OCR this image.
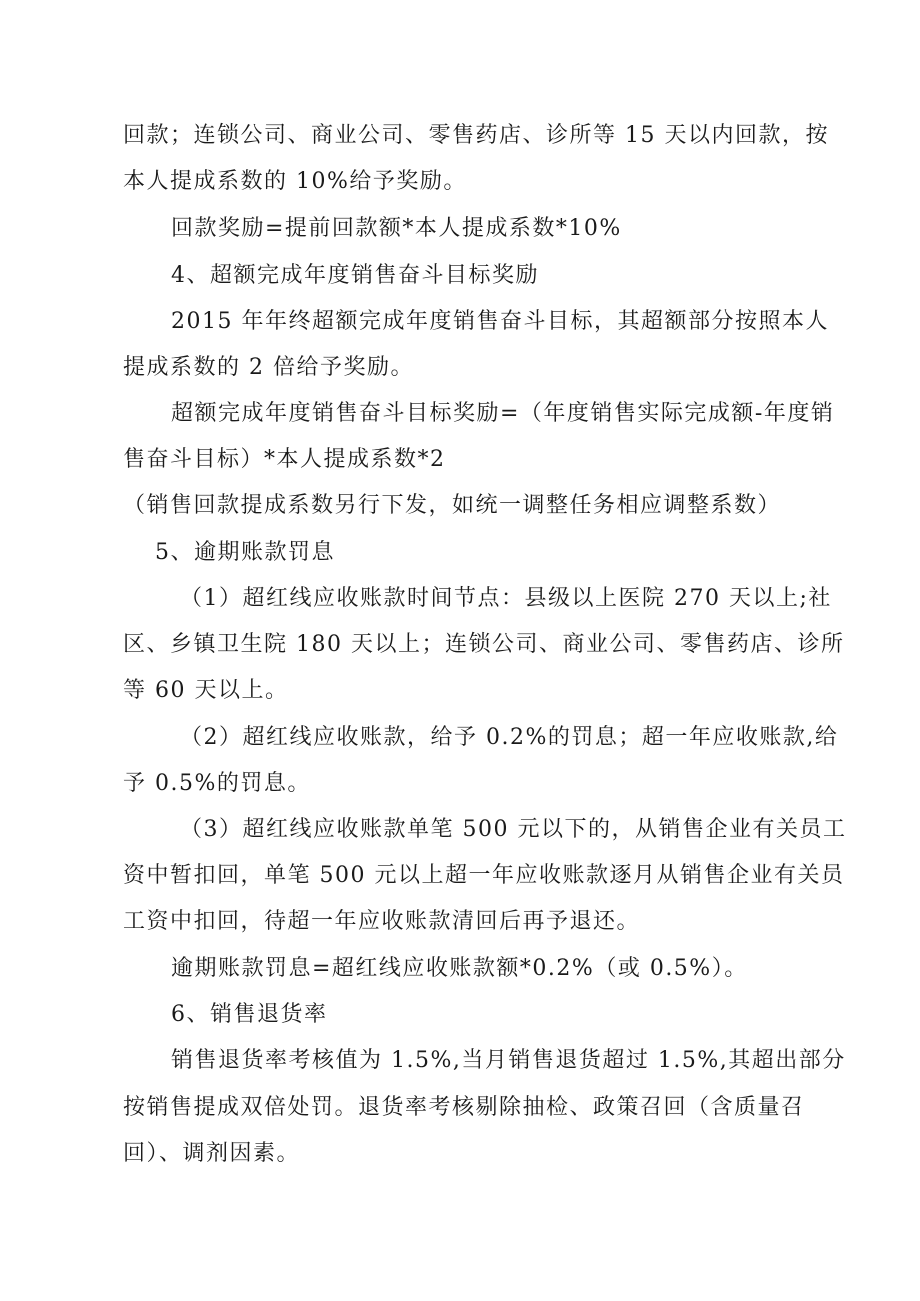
回款；连锁公司、商业公司、零售药店、诊所等 15 天以内回款，按
本人提成系数的 10%给予奖励。
回款奖励=提前回款额*本人提成系数*10%
4、超额完成年度销售奋斗目标奖励
2015 年年终超额完成年度销售奋斗目标，其超额部分按照本人
提成系数的 2 倍给予奖励。
超额完成年度销售奋斗目标奖励=（年度销售实际完成额-年度销
售奋斗目标）*本人提成系数*2
（销售回款提成系数另行下发，如统一调整任务相应调整系数）
5、逾期账款罚息
（1）超红线应收账款时间节点：县级以上医院 270 天以上;社
区、乡镇卫生院 180 天以上；连锁公司、商业公司、零售药店、诊所
等 60 天以上。
（2）超红线应收账款，给予 0.2%的罚息；超一年应收账款,给
予 0.5%的罚息。
（3）超红线应收账款单笔 500 元以下的，从销售企业有关员工
资中暂扣回，单笔 500 元以上超一年应收账款逐月从销售企业有关员
工资中扣回，待超一年应收账款清回后再予退还。
逾期账款罚息=超红线应收账款额*0.2%（或 0.5%）。
6、销售退货率
销售退货率考核值为 1.5%,当月销售退货超过 1.5%,其超出部分
按销售提成双倍处罚。退货率考核剔除抽检、政策召回（含质量召
回）、调剂因素。
